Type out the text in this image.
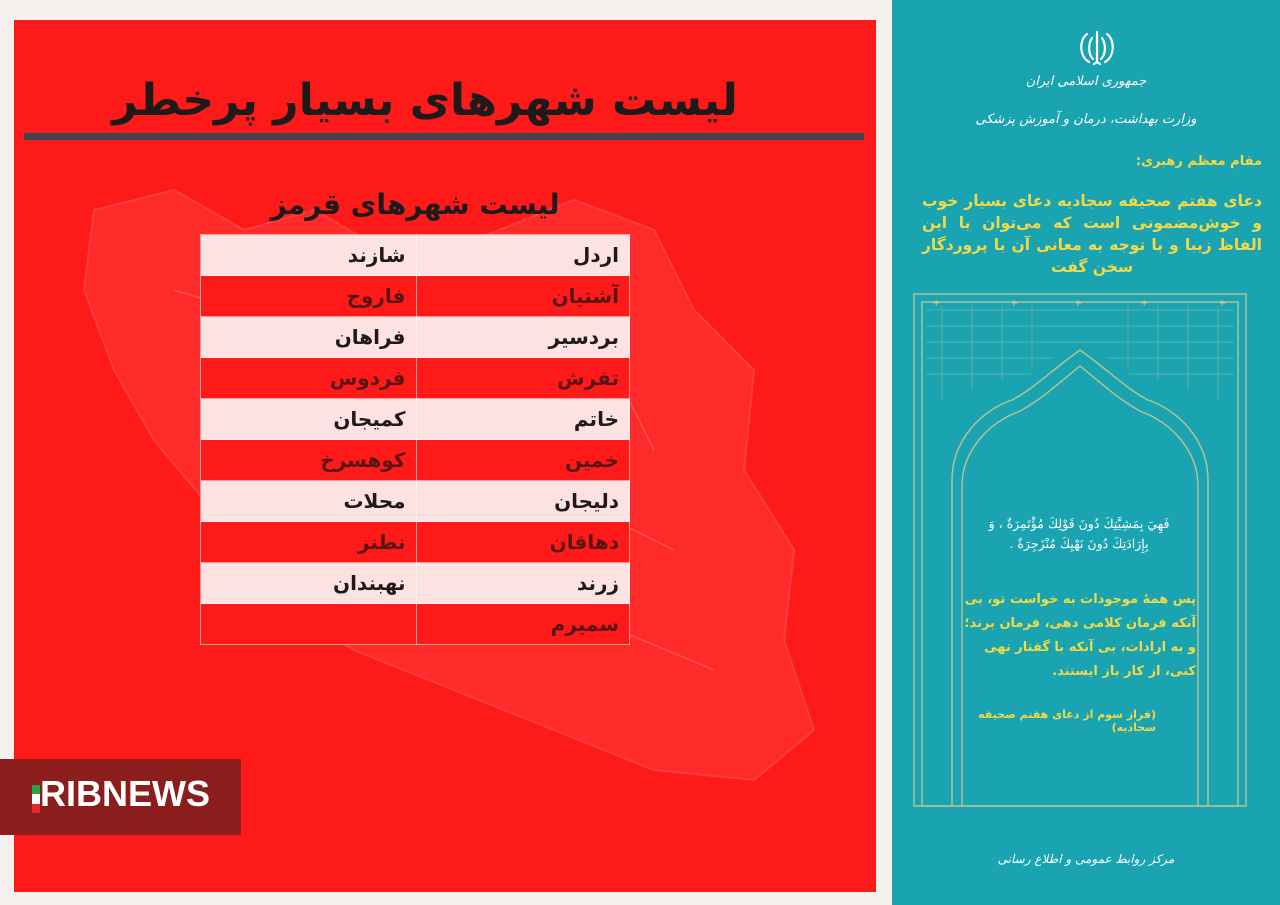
لیست شهرهای بسیار پرخطر
لیست شهرهای قرمز
اردل	شازند
آشتیان	فاروج
بردسیر	فراهان
تفرش	فردوس
خاتم	کمیجان
خمین	کوهسرخ
دلیجان	محلات
دهاقان	نطنز
زرند	نهبندان
سمیرم	
RIBNEWS
جمهوری اسلامی ایران
وزارت بهداشت، درمان و آموزش پزشکی
مقام معظم رهبری:
دعای هفتم صحیفه سجادیه دعای بسیار خوب و خوش‌مضمونی است که می‌توان با این الفاظ زیبا و با توجه به معانی آن با پروردگار سخن گفت
+	+	+	+	+
فَهِيَ بِمَشِيَّتِكَ دُونَ قَوْلِكَ مُؤْتَمِرَةٌ ، وَ
بِإِرَادَتِكَ دُونَ نَهْيِكَ مُنْزَجِرَةٌ .
پس همهٔ موجودات به خواست تو، بی آنکه فرمان کلامی دهی، فرمان برند؛ و به ارادات، بی آنکه با گفتار نهی کنی، از کار باز ایستند.
(فراز سوم از دعای هفتم صحیفه سجادیه)
مرکز روابط عمومی و اطلاع رسانی
